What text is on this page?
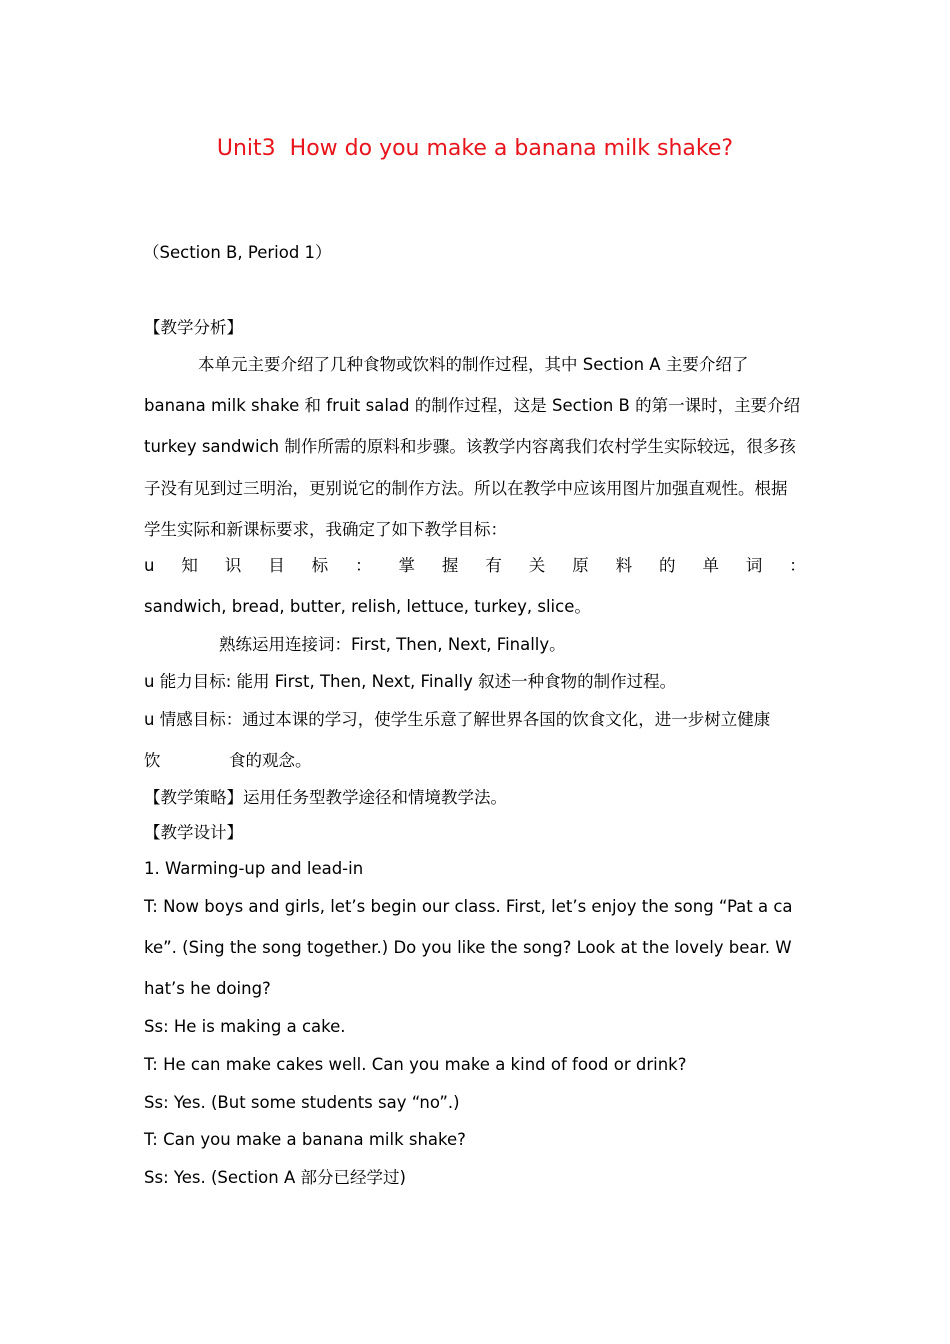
Unit3  How do you make a banana milk shake?
（Section B, Period 1）
【教学分析】
本单元主要介绍了几种食物或饮料的制作过程，其中 Section A 主要介绍了
banana milk shake 和 fruit salad 的制作过程，这是 Section B 的第一课时，主要介绍
turkey sandwich 制作所需的原料和步骤。该教学内容离我们农村学生实际较远，很多孩
子没有见到过三明治，更别说它的制作方法。所以在教学中应该用图片加强直观性。根据
学生实际和新课标要求，我确定了如下教学目标：
u 知 识 目 标 ： 掌 握 有 关 原 料 的 单 词 ：
sandwich, bread, butter, relish, lettuce, turkey, slice。
熟练运用连接词：First, Then, Next, Finally。
u 能力目标: 能用 First, Then, Next, Finally 叙述一种食物的制作过程。
u 情感目标：通过本课的学习，使学生乐意了解世界各国的饮食文化，进一步树立健康
饮	食的观念。
【教学策略】运用任务型教学途径和情境教学法。
【教学设计】
1. Warming-up and lead-in
T: Now boys and girls, let’s begin our class. First, let’s enjoy the song “Pat a ca
ke”. (Sing the song together.) Do you like the song? Look at the lovely bear. W
hat’s he doing?
Ss: He is making a cake.
T: He can make cakes well. Can you make a kind of food or drink?
Ss: Yes. (But some students say “no”.)
T: Can you make a banana milk shake?
Ss: Yes. (Section A 部分已经学过)
